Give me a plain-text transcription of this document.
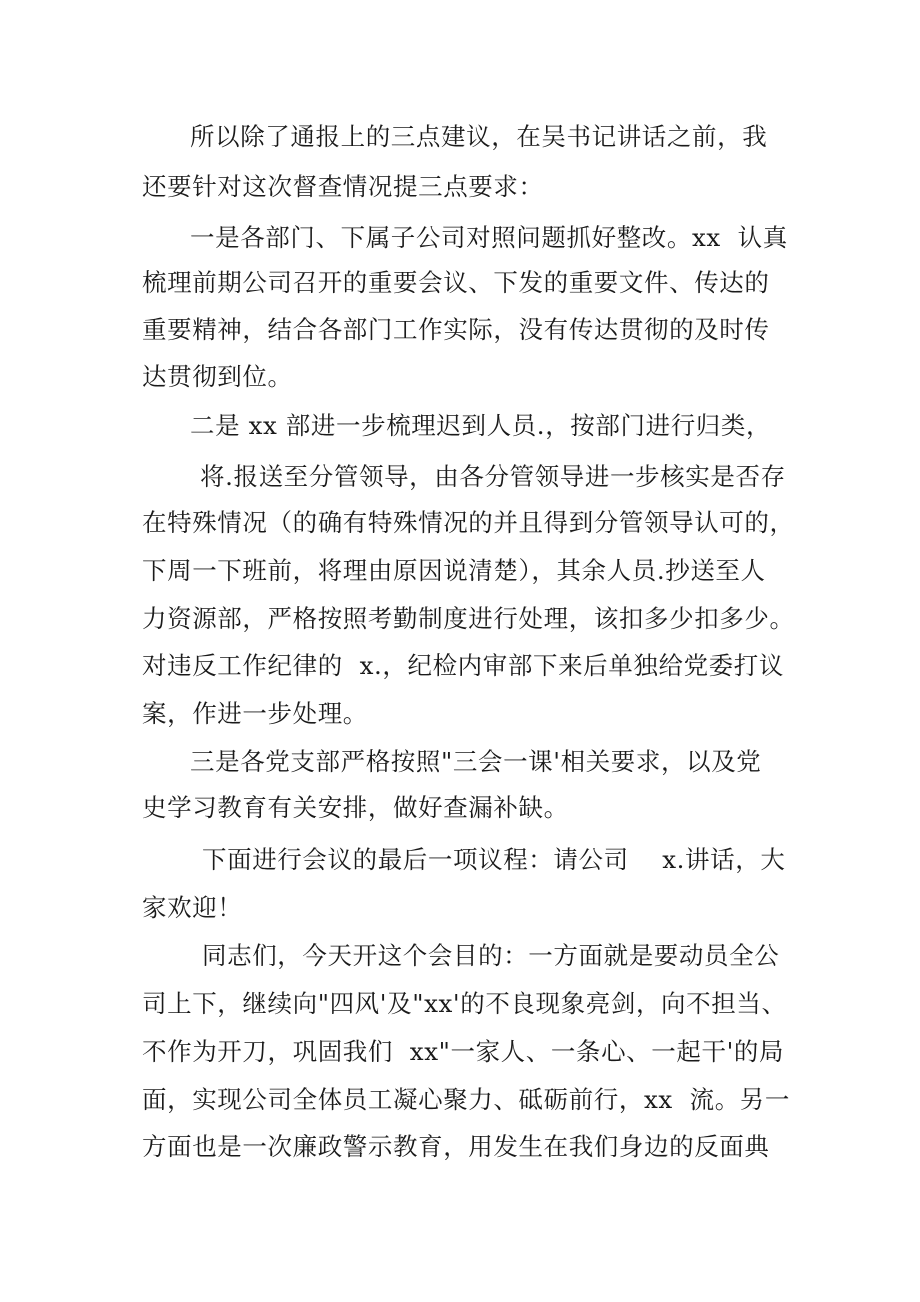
所以除了通报上的三点建议，在吴书记讲话之前，我
还要针对这次督查情况提三点要求：
一是各部门、下属子公司对照问题抓好整改。xx  认真
梳理前期公司召开的重要会议、下发的重要文件、传达的
重要精神，结合各部门工作实际，没有传达贯彻的及时传
达贯彻到位。
二是 xx 部进一步梳理迟到人员.，按部门进行归类，
将.报送至分管领导，由各分管领导进一步核实是否存
在特殊情况（的确有特殊情况的并且得到分管领导认可的，
下周一下班前，将理由原因说清楚），其余人员.抄送至人
力资源部，严格按照考勤制度进行处理，该扣多少扣多少。
对违反工作纪律的  x.，纪检内审部下来后单独给党委打议
案，作进一步处理。
三是各党支部严格按照"三会一课'相关要求，以及党
史学习教育有关安排，做好查漏补缺。
下面进行会议的最后一项议程：请公司    x.讲话，大
家欢迎！
同志们，今天开这个会目的：一方面就是要动员全公
司上下，继续向"四风'及"xx'的不良现象亮剑，向不担当、
不作为开刀，巩固我们  xx"一家人、一条心、一起干'的局
面，实现公司全体员工凝心聚力、砥砺前行，xx  流。另一
方面也是一次廉政警示教育，用发生在我们身边的反面典
